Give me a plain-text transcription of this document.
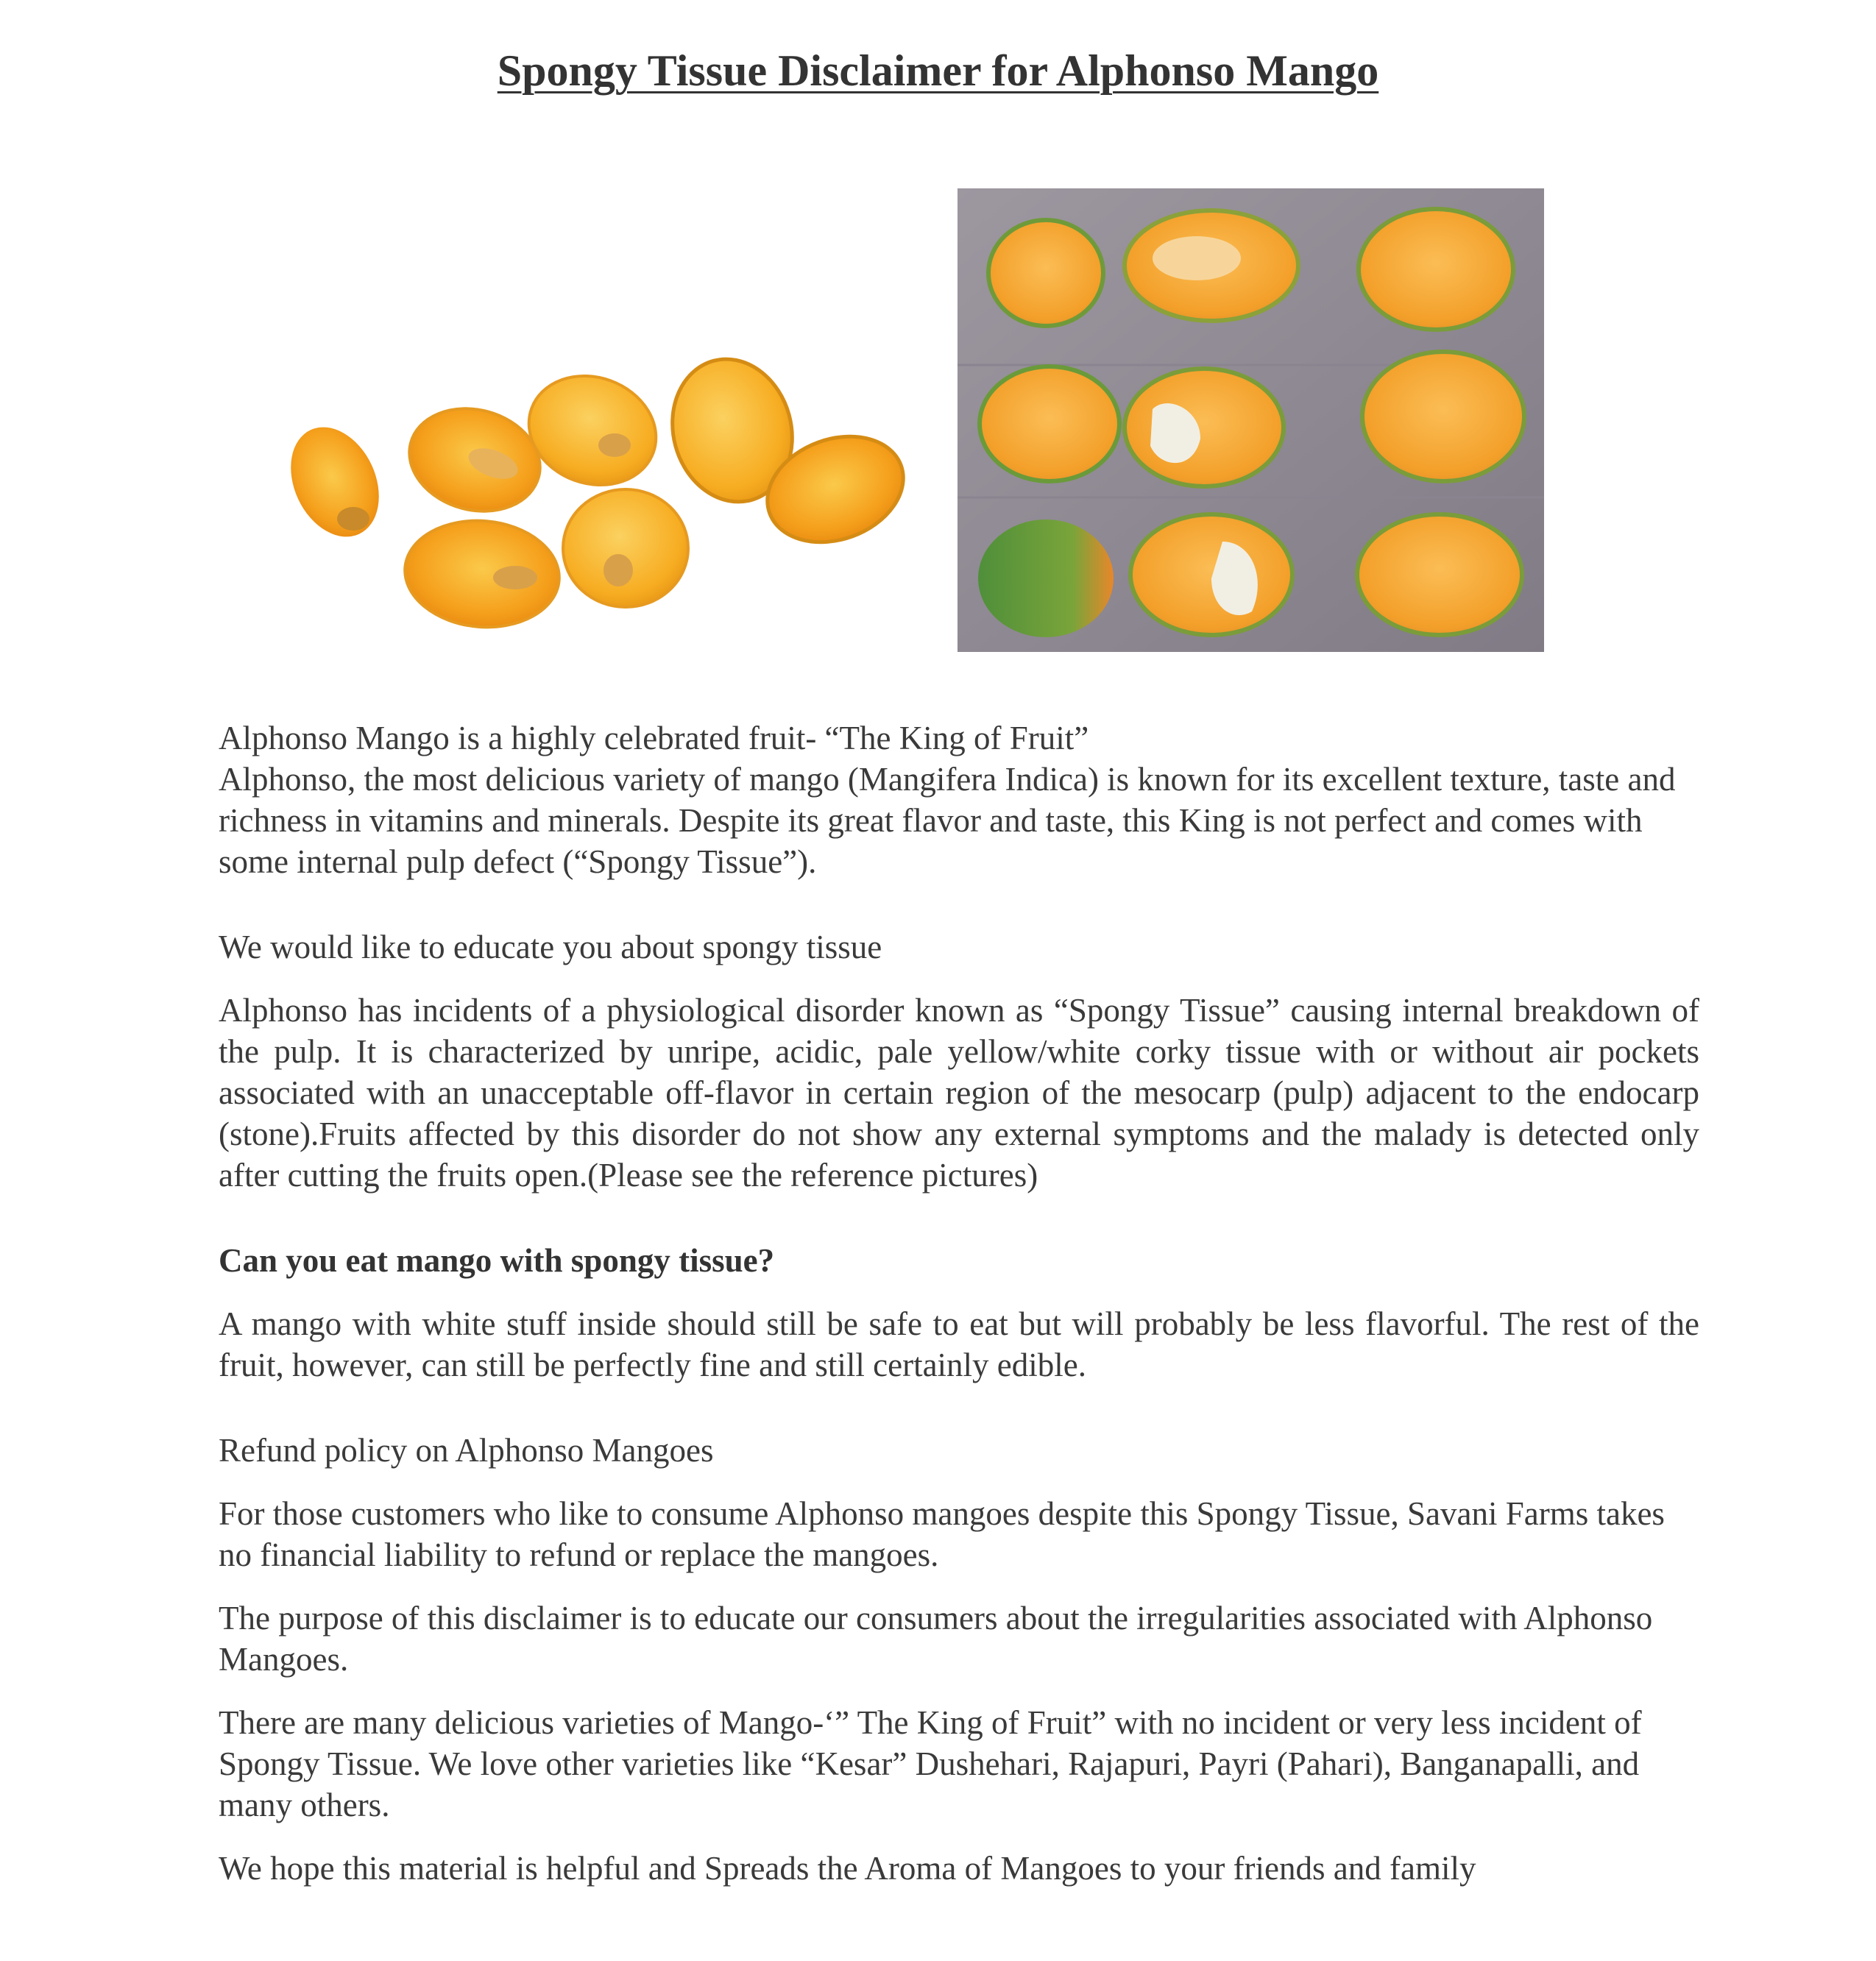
Spongy Tissue Disclaimer for Alphonso Mango

Alphonso Mango is a highly celebrated fruit- “The King of Fruit”

Alphonso, the most delicious variety of mango (Mangifera Indica) is known for its excellent texture, taste and richness in vitamins and minerals. Despite its great flavor and taste, this King is not perfect and comes with some internal pulp defect (“Spongy Tissue”).

We would like to educate you about spongy tissue

Alphonso has incidents of a physiological disorder known as “Spongy Tissue” causing internal breakdown of the pulp. It is characterized by unripe, acidic, pale yellow/white corky tissue with or without air pockets associated with an unacceptable off-flavor in certain region of the mesocarp (pulp) adjacent to the endocarp (stone).Fruits affected by this disorder do not show any external symptoms and the malady is detected only after cutting the fruits open.(Please see the reference pictures)

Can you eat mango with spongy tissue?

A mango with white stuff inside should still be safe to eat but will probably be less flavorful. The rest of the fruit, however, can still be perfectly fine and still certainly edible.

Refund policy on Alphonso Mangoes

For those customers who like to consume Alphonso mangoes despite this Spongy Tissue, Savani Farms takes no financial liability to refund or replace the mangoes.

The purpose of this disclaimer is to educate our consumers about the irregularities associated with Alphonso Mangoes.

There are many delicious varieties of Mango-‘” The King of Fruit” with no incident or very less incident of Spongy Tissue. We love other varieties like “Kesar” Dushehari, Rajapuri, Payri (Pahari), Banganapalli, and many others.

We hope this material is helpful and Spreads the Aroma of Mangoes to your friends and family
